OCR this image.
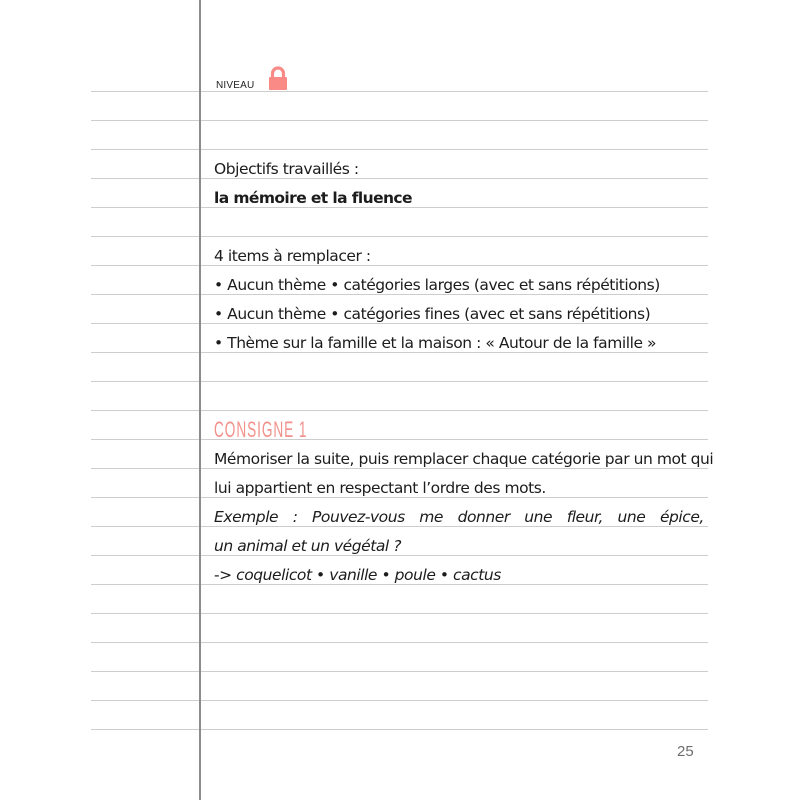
NIVEAU
Objectifs travaillés :
la mémoire et la fluence
4 items à remplacer :
• Aucun thème • catégories larges (avec et sans répétitions)
• Aucun thème • catégories fines (avec et sans répétitions)
• Thème sur la famille et la maison : « Autour de la famille »
CONSIGNE 1
Mémoriser la suite, puis remplacer chaque catégorie par un mot qui
lui appartient en respectant l’ordre des mots.
Exemple : Pouvez-vous me donner une fleur, une épice,
un animal et un végétal ?
-> coquelicot • vanille • poule • cactus
25
